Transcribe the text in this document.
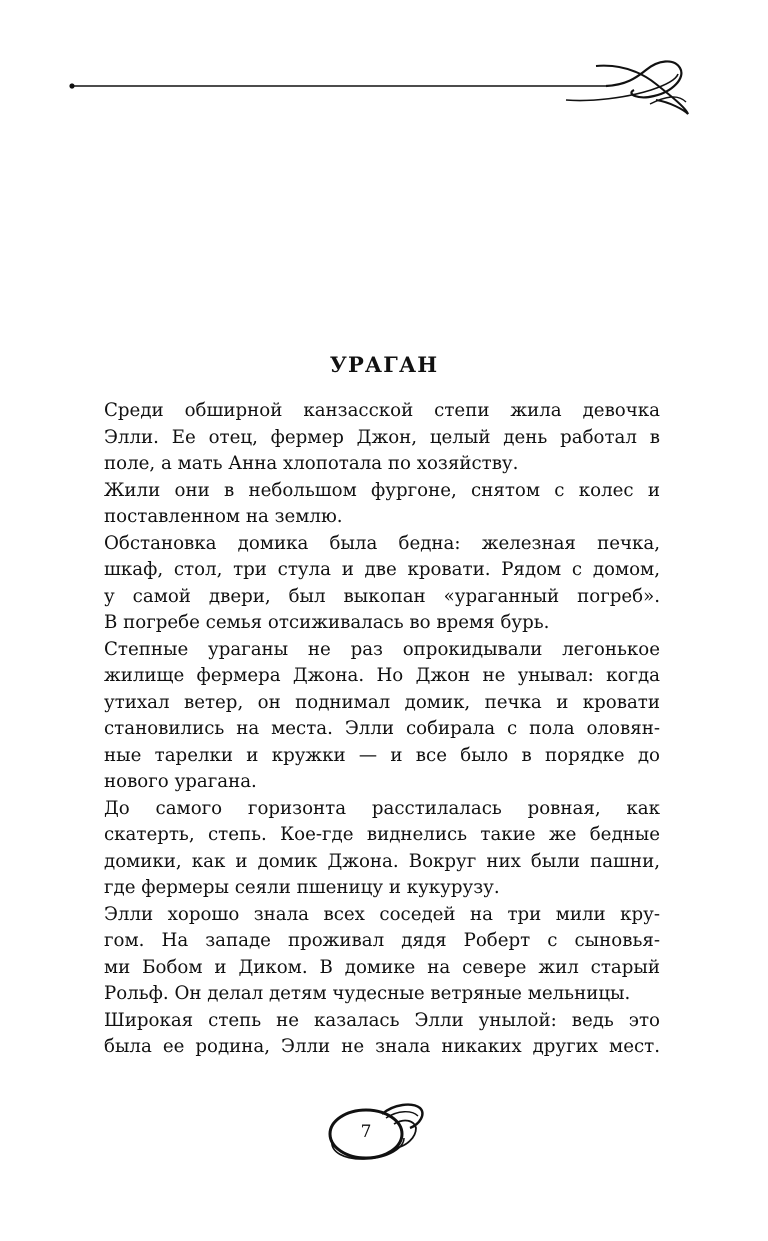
УРАГАН

Среди обширной канзасской степи жила девочка
Элли. Ее отец, фермер Джон, целый день работал в
поле, а мать Анна хлопотала по хозяйству.

Жили они в небольшом фургоне, снятом с колес и
поставленном на землю.

Обстановка домика была бедна: железная печка,
шкаф, стол, три стула и две кровати. Рядом с домом,
у самой двери, был выкопан «ураганный погреб».
В погребе семья отсиживалась во время бурь.

Степные ураганы не раз опрокидывали легонькое
жилище фермера Джона. Но Джон не унывал: когда
утихал ветер, он поднимал домик, печка и кровати
становились на места. Элли собирала с пола оловян-
ные тарелки и кружки — и все было в порядке до
нового урагана.

До самого горизонта расстилалась ровная, как
скатерть, степь. Кое-где виднелись такие же бедные
домики, как и домик Джона. Вокруг них были пашни,
где фермеры сеяли пшеницу и кукурузу.

Элли хорошо знала всех соседей на три мили кру-
гом. На западе проживал дядя Роберт с сыновья-
ми Бобом и Диком. В домике на севере жил старый
Рольф. Он делал детям чудесные ветряные мельницы.

Широкая степь не казалась Элли унылой: ведь это
была ее родина, Элли не знала никаких других мест.

7
